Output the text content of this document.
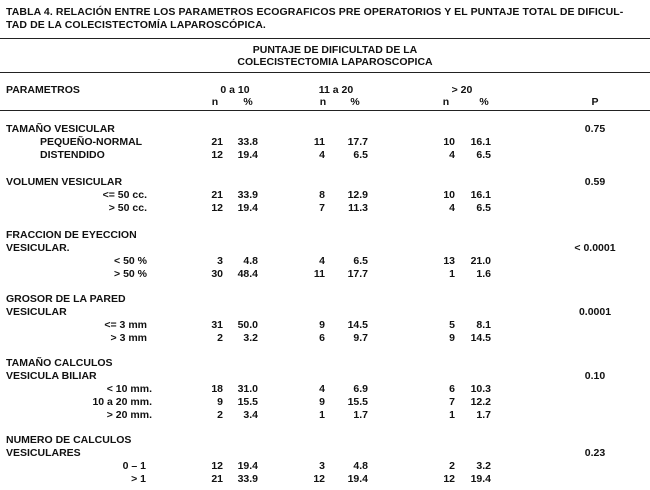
TABLA 4. RELACIÓN ENTRE LOS PARAMETROS ECOGRAFICOS PRE OPERATORIOS Y EL PUNTAJE TOTAL DE DIFICUL-
TAD DE LA COLECISTECTOMÍA LAPAROSCÓPICA.
PUNTAJE DE DIFICULTAD DE LA
COLECISTECTOMIA LAPAROSCOPICA
PARAMETROS	0 a 10	11 a 20	> 20
n	%	n	%	n	%	P
TAMAÑO VESICULAR	0.75
PEQUEÑO-NORMAL	21	33.8	11	17.7	10	16.1
DISTENDIDO	12	19.4	4	6.5	4	6.5
VOLUMEN VESICULAR	0.59
<= 50 cc.	21	33.9	8	12.9	10	16.1
> 50 cc.	12	19.4	7	11.3	4	6.5
FRACCION DE EYECCION
VESICULAR.	< 0.0001
< 50 %	3	4.8	4	6.5	13	21.0
> 50 %	30	48.4	11	17.7	1	1.6
GROSOR DE LA PARED
VESICULAR	0.0001
<= 3 mm	31	50.0	9	14.5	5	8.1
> 3 mm	2	3.2	6	9.7	9	14.5
TAMAÑO CALCULOS
VESICULA BILIAR	0.10
< 10 mm.	18	31.0	4	6.9	6	10.3
10 a 20 mm.	9	15.5	9	15.5	7	12.2
> 20 mm.	2	3.4	1	1.7	1	1.7
NUMERO DE CALCULOS
VESICULARES	0.23
0 – 1	12	19.4	3	4.8	2	3.2
> 1	21	33.9	12	19.4	12	19.4
